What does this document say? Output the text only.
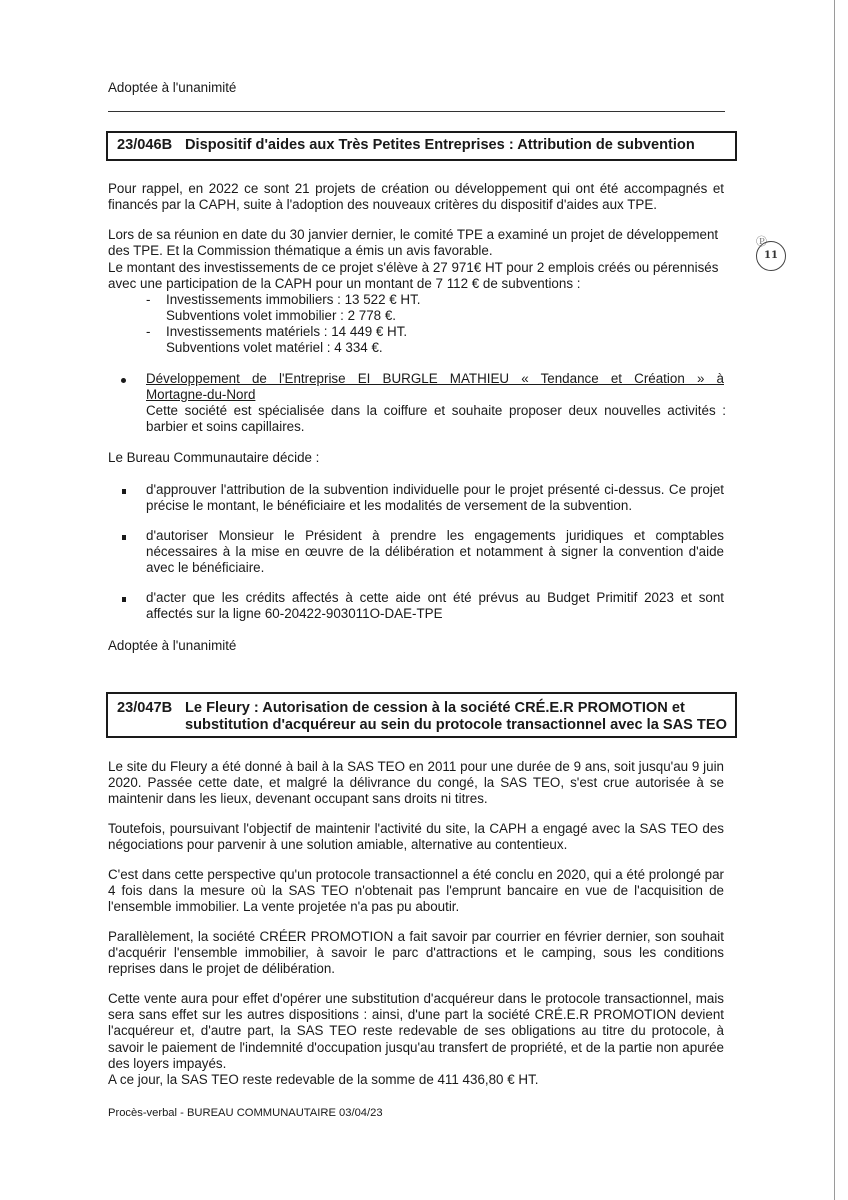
Adoptée à l'unanimité
23/046B Dispositif d'aides aux Très Petites Entreprises : Attribution de subvention

Pour rappel, en 2022 ce sont 21 projets de création ou développement qui ont été accompagnés et financés par la CAPH, suite à l'adoption des nouveaux critères du dispositif d'aides aux TPE.

Lors de sa réunion en date du 30 janvier dernier, le comité TPE a examiné un projet de développement
des TPE. Et la Commission thématique a émis un avis favorable.
Le montant des investissements de ce projet s'élève à 27 971€ HT pour 2 emplois créés ou pérennisés
avec une participation de la CAPH pour un montant de 7 112 € de subventions :
- Investissements immobiliers : 13 522 € HT.
Subventions volet immobilier : 2 778 €.
- Investissements matériels : 14 449 € HT.
Subventions volet matériel : 4 334 €.
Développement de l'Entreprise EI BURGLE MATHIEU « Tendance et Création » à
Mortagne-du-Nord

Cette société est spécialisée dans la coiffure et souhaite proposer deux nouvelles activités : barbier et soins capillaires.

Le Bureau Communautaire décide :

d'approuver l'attribution de la subvention individuelle pour le projet présenté ci-dessus. Ce projet précise le montant, le bénéficiaire et les modalités de versement de la subvention.

d'autoriser Monsieur le Président à prendre les engagements juridiques et comptables nécessaires à la mise en œuvre de la délibération et notamment à signer la convention d'aide avec le bénéficiaire.

d'acter que les crédits affectés à cette aide ont été prévus au Budget Primitif 2023 et sont affectés sur la ligne 60-20422-903011O-DAE-TPE

Adoptée à l'unanimité
23/047B Le Fleury : Autorisation de cession à la société CRÉ.E.R PROMOTION et
substitution d'acquéreur au sein du protocole transactionnel avec la SAS TEO

Le site du Fleury a été donné à bail à la SAS TEO en 2011 pour une durée de 9 ans, soit jusqu'au 9 juin 2020. Passée cette date, et malgré la délivrance du congé, la SAS TEO, s'est crue autorisée à se maintenir dans les lieux, devenant occupant sans droits ni titres.

Toutefois, poursuivant l'objectif de maintenir l'activité du site, la CAPH a engagé avec la SAS TEO des négociations pour parvenir à une solution amiable, alternative au contentieux.

C'est dans cette perspective qu'un protocole transactionnel a été conclu en 2020, qui a été prolongé par 4 fois dans la mesure où la SAS TEO n'obtenait pas l'emprunt bancaire en vue de l'acquisition de l'ensemble immobilier. La vente projetée n'a pas pu aboutir.

Parallèlement, la société CRÉER PROMOTION a fait savoir par courrier en février dernier, son souhait d'acquérir l'ensemble immobilier, à savoir le parc d'attractions et le camping, sous les conditions reprises dans le projet de délibération.

Cette vente aura pour effet d'opérer une substitution d'acquéreur dans le protocole transactionnel, mais sera sans effet sur les autres dispositions : ainsi, d'une part la société CRÉ.E.R PROMOTION devient l'acquéreur et, d'autre part, la SAS TEO reste redevable de ses obligations au titre du protocole, à savoir le paiement de l'indemnité d'occupation jusqu'au transfert de propriété, et de la partie non apurée des loyers impayés.

A ce jour, la SAS TEO reste redevable de la somme de 411 436,80 € HT.
Procès-verbal - BUREAU COMMUNAUTAIRE 03/04/23
Ⓟ
11
